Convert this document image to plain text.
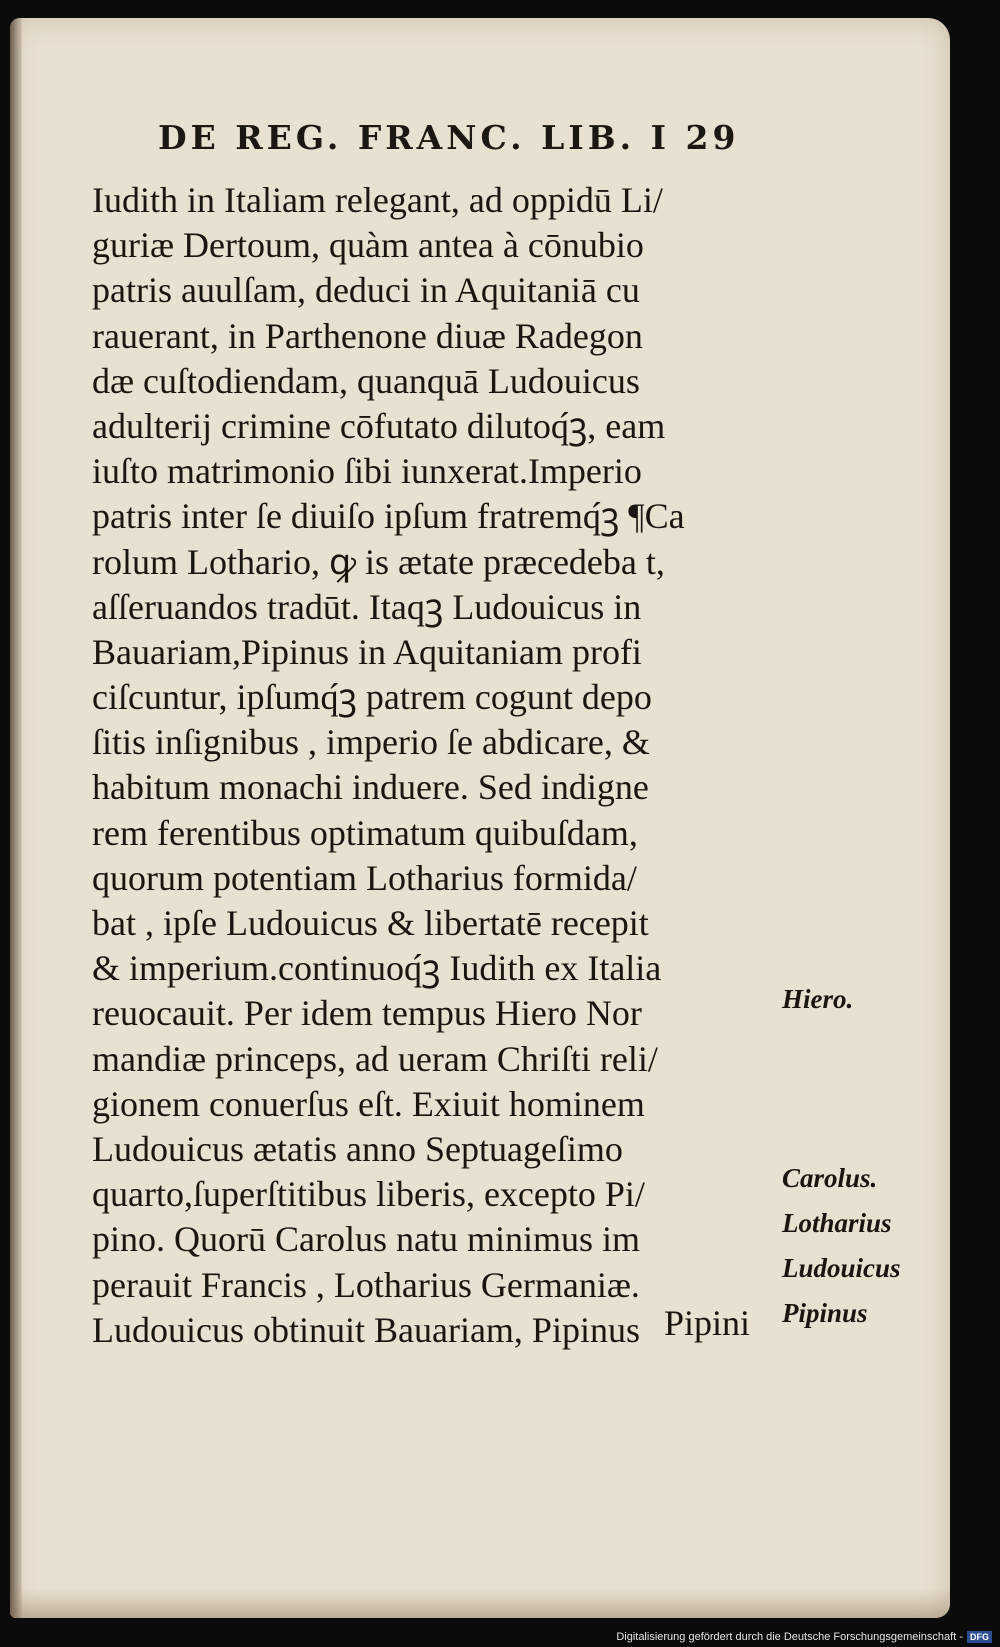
DE REG. FRANC. LIB. I 29
Iudith in Italiam relegant, ad oppidū Li/
guriæ Dertoum, quàm antea à cōnubio
patris auulſam, deduci in Aquitaniā cu
rauerant, in Parthenone diuæ Radegon
dæ cuſtodiendam, quanquā Ludouicus
adulterij crimine cōfutato dilutoq́ꝫ, eam
iuſto matrimonio ſibi iunxerat.Imperio
patris inter ſe diuiſo ipſum fratremq́ꝫ ¶Ca
rolum Lothario, ꝙ is ætate præcedeba t,
aſſeruandos tradūt. Itaqꝫ Ludouicus in
Bauariam,Pipinus in Aquitaniam profi
ciſcuntur, ipſumq́ꝫ patrem cogunt depo
ſitis inſignibus , imperio ſe abdicare, &
habitum monachi induere. Sed indigne
rem ferentibus optimatum quibuſdam,
quorum potentiam Lotharius formida/
bat , ipſe Ludouicus & libertatē recepit
& imperium.continuoq́ꝫ Iudith ex Italia
reuocauit. Per idem tempus Hiero Nor
mandiæ princeps, ad ueram Chriſti reli/
gionem conuerſus eſt. Exiuit hominem
Ludouicus ætatis anno Septuageſimo
quarto,ſuperſtitibus liberis, excepto Pi/
pino. Quorū Carolus natu minimus im
perauit Francis , Lotharius Germaniæ.
Ludouicus obtinuit Bauariam, Pipinus Pipini
Hiero.
Carolus.
Lotharius
Ludouicus
Pipinus
Digitalisierung gefördert durch die Deutsche Forschungsgemeinschaft - DFG
